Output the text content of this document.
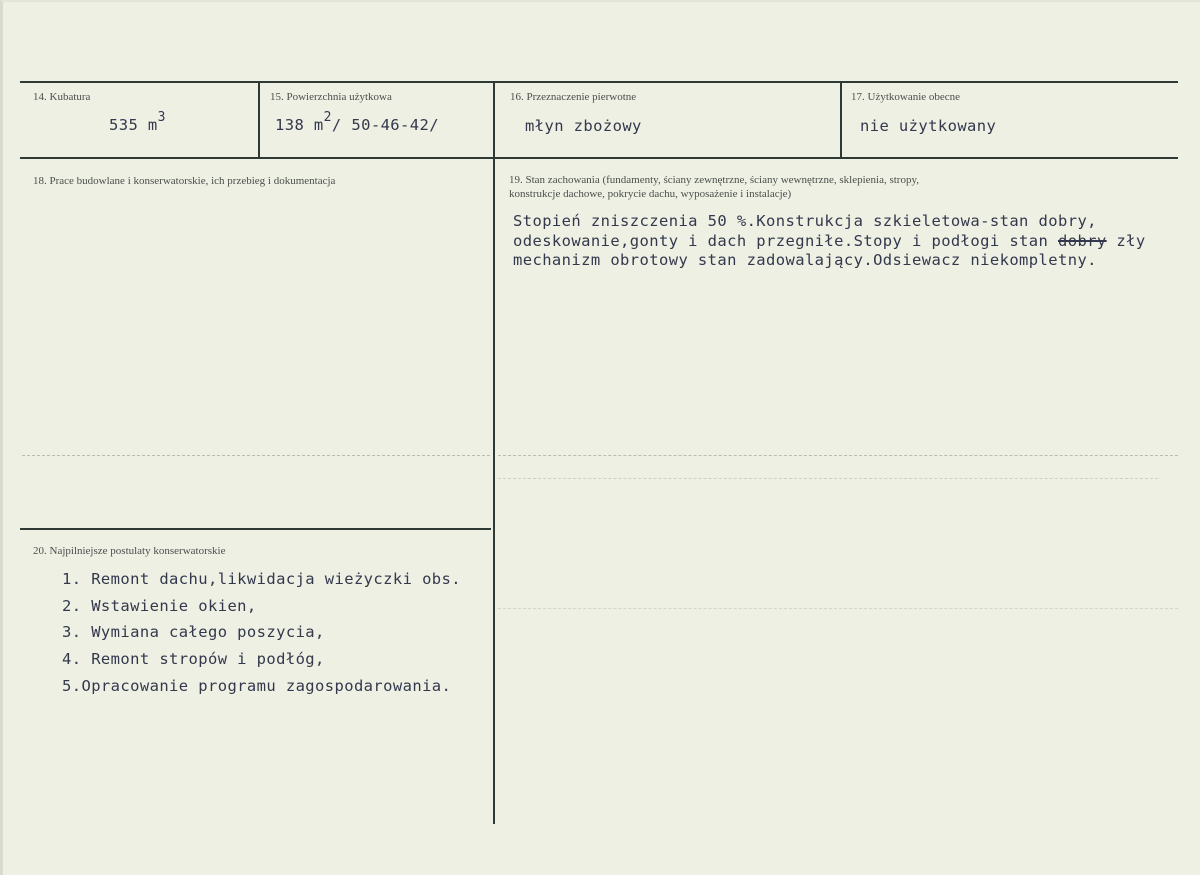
14. Kubatura
535 $m^3$
15. Powierzchnia użytkowa
138 $m^2/$ 50-46-42/
16. Przeznaczenie pierwotne
młyn zbożowy
17. Użytkowanie obecne
nie użytkowany
18. Prace budowlane i konserwatorskie, ich przebieg i dokumentacja	19. Stan zachowania (fundamenty, ściany zewnętrzne, ściany wewnętrzne, sklepienia, stropy,
konstrukcje dachowe, pokrycie dachu, wyposażenie i instalacje)
Stopień zniszczenia 50 %.Konstrukcja szkieletowa-stan dobry,
odeskowanie,gonty i dach przegniłe.Stopy i podłogi stan dobry zły
mechanizm obrotowy stan zadowalający.Odsiewacz niekompletny.
20. Najpilniejsze postulaty konserwatorskie
1. Remont dachu,likwidacja wieżyczki obs.
2. Wstawienie okien,
3. Wymiana całego poszycia,
4. Remont stropów i podłóg,
5.Opracowanie programu zagospodarowania.
